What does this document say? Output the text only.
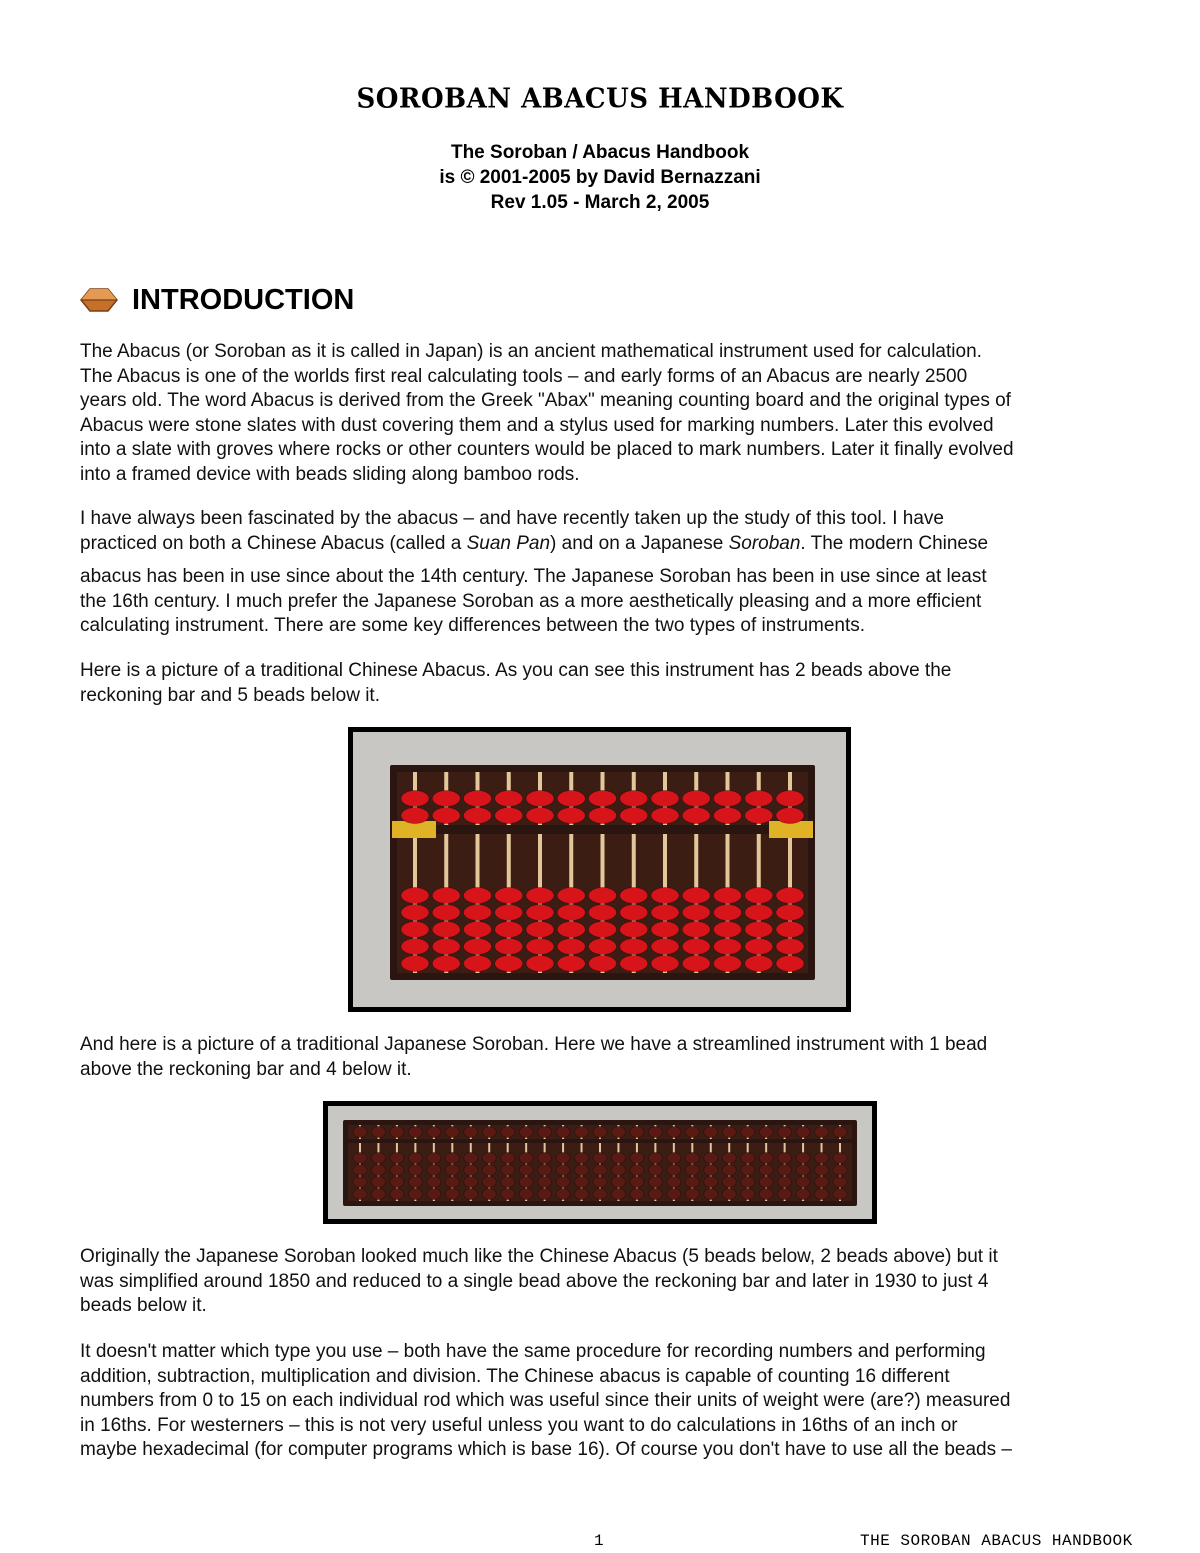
SOROBAN ABACUS HANDBOOK
The Soroban / Abacus Handbook
is © 2001-2005 by David Bernazzani
Rev 1.05 - March 2, 2005
INTRODUCTION
The Abacus (or Soroban as it is called in Japan) is an ancient mathematical instrument used for calculation.
The Abacus is one of the worlds first real calculating tools – and early forms of an Abacus are nearly 2500
years old. The word Abacus is derived from the Greek "Abax" meaning counting board and the original types of
Abacus were stone slates with dust covering them and a stylus used for marking numbers. Later this evolved
into a slate with groves where rocks or other counters would be placed to mark numbers. Later it finally evolved
into a framed device with beads sliding along bamboo rods.
I have always been fascinated by the abacus – and have recently taken up the study of this tool. I have
practiced on both a Chinese Abacus (called a Suan Pan) and on a Japanese Soroban. The modern Chinese
abacus has been in use since about the 14th century. The Japanese Soroban has been in use since at least
the 16th century. I much prefer the Japanese Soroban as a more aesthetically pleasing and a more efficient
calculating instrument. There are some key differences between the two types of instruments.
Here is a picture of a traditional Chinese Abacus. As you can see this instrument has 2 beads above the
reckoning bar and 5 beads below it.
And here is a picture of a traditional Japanese Soroban. Here we have a streamlined instrument with 1 bead
above the reckoning bar and 4 below it.
Originally the Japanese Soroban looked much like the Chinese Abacus (5 beads below, 2 beads above) but it
was simplified around 1850 and reduced to a single bead above the reckoning bar and later in 1930 to just 4
beads below it.
It doesn't matter which type you use – both have the same procedure for recording numbers and performing
addition, subtraction, multiplication and division. The Chinese abacus is capable of counting 16 different
numbers from 0 to 15 on each individual rod which was useful since their units of weight were (are?) measured
in 16ths. For westerners – this is not very useful unless you want to do calculations in 16ths of an inch or
maybe hexadecimal (for computer programs which is base 16). Of course you don't have to use all the beads –
1	THE SOROBAN ABACUS HANDBOOK
